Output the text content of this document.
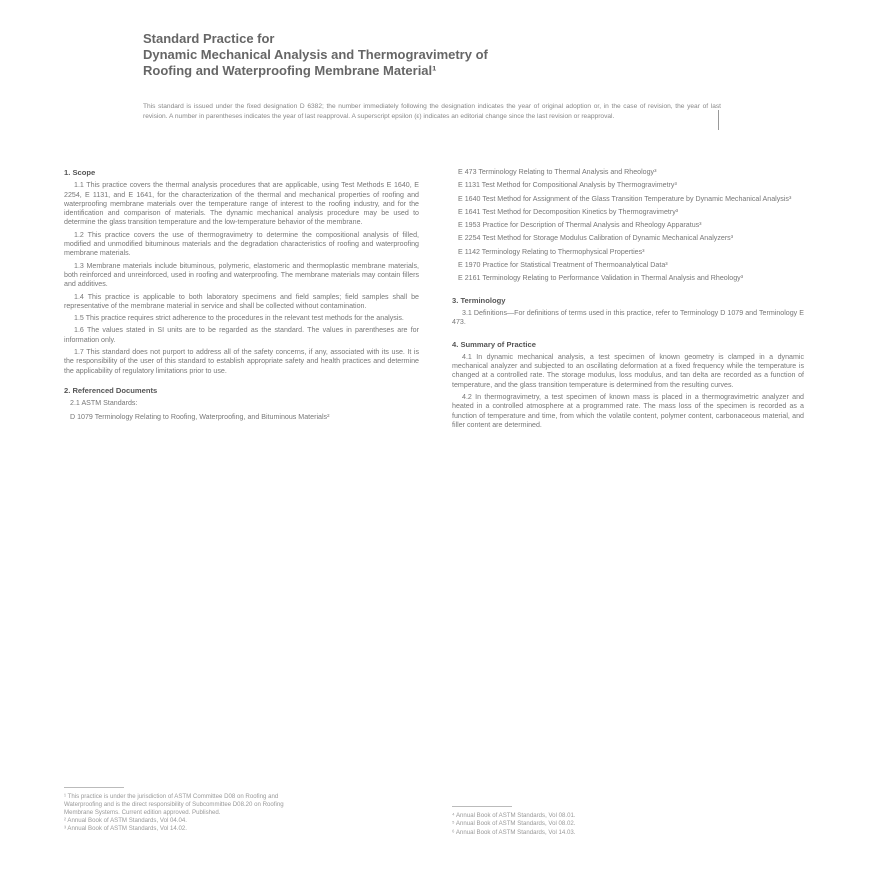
Standard Practice for
Dynamic Mechanical Analysis and Thermogravimetry of
Roofing and Waterproofing Membrane Material¹
This standard is issued under the fixed designation D 6382; the number immediately following the designation indicates the year of original adoption or, in the case of revision, the year of last revision. A number in parentheses indicates the year of last reapproval. A superscript epsilon (ε) indicates an editorial change since the last revision or reapproval.
1. Scope

1.1 This practice covers the thermal analysis procedures that are applicable, using Test Methods E 1640, E 2254, E 1131, and E 1641, for the characterization of the thermal and mechanical properties of roofing and waterproofing membrane materials over the temperature range of interest to the roofing industry, and for the identification and comparison of materials. The dynamic mechanical analysis procedure may be used to determine the glass transition temperature and the low-temperature behavior of the membrane.

1.2 This practice covers the use of thermogravimetry to determine the compositional analysis of filled, modified and unmodified bituminous materials and the degradation characteristics of roofing and waterproofing membrane materials.

1.3 Membrane materials include bituminous, polymeric, elastomeric and thermoplastic membrane materials, both reinforced and unreinforced, used in roofing and waterproofing. The membrane materials may contain fillers and additives.

1.4 This practice is applicable to both laboratory specimens and field samples; field samples shall be representative of the membrane material in service and shall be collected without contamination.

1.5 This practice requires strict adherence to the procedures in the relevant test methods for the analysis.

1.6 The values stated in SI units are to be regarded as the standard. The values in parentheses are for information only.

1.7 This standard does not purport to address all of the safety concerns, if any, associated with its use. It is the responsibility of the user of this standard to establish appropriate safety and health practices and determine the applicability of regulatory limitations prior to use.

2. Referenced Documents
2.1 ASTM Standards:
D 1079 Terminology Relating to Roofing, Waterproofing, and Bituminous Materials²
E 473 Terminology Relating to Thermal Analysis and Rheology³
E 1131 Test Method for Compositional Analysis by Thermogravimetry³
E 1640 Test Method for Assignment of the Glass Transition Temperature by Dynamic Mechanical Analysis³
E 1641 Test Method for Decomposition Kinetics by Thermogravimetry³
E 1953 Practice for Description of Thermal Analysis and Rheology Apparatus³
E 2254 Test Method for Storage Modulus Calibration of Dynamic Mechanical Analyzers³
E 1142 Terminology Relating to Thermophysical Properties³
E 1970 Practice for Statistical Treatment of Thermoanalytical Data³
E 2161 Terminology Relating to Performance Validation in Thermal Analysis and Rheology³
3. Terminology

3.1 Definitions—For definitions of terms used in this practice, refer to Terminology D 1079 and Terminology E 473.

4. Summary of Practice

4.1 In dynamic mechanical analysis, a test specimen of known geometry is clamped in a dynamic mechanical analyzer and subjected to an oscillating deformation at a fixed frequency while the temperature is changed at a controlled rate. The storage modulus, loss modulus, and tan delta are recorded as a function of temperature, and the glass transition temperature is determined from the resulting curves.

4.2 In thermogravimetry, a test specimen of known mass is placed in a thermogravimetric analyzer and heated in a controlled atmosphere at a programmed rate. The mass loss of the specimen is recorded as a function of temperature and time, from which the volatile content, polymer content, carbonaceous material, and filler content are determined.

¹ This practice is under the jurisdiction of ASTM Committee D08 on Roofing and
Waterproofing and is the direct responsibility of Subcommittee D08.20 on Roofing
Membrane Systems. Current edition approved. Published.
² Annual Book of ASTM Standards, Vol 04.04.
³ Annual Book of ASTM Standards, Vol 14.02.
⁴ Annual Book of ASTM Standards, Vol 08.01.
⁵ Annual Book of ASTM Standards, Vol 08.02.
⁶ Annual Book of ASTM Standards, Vol 14.03.
